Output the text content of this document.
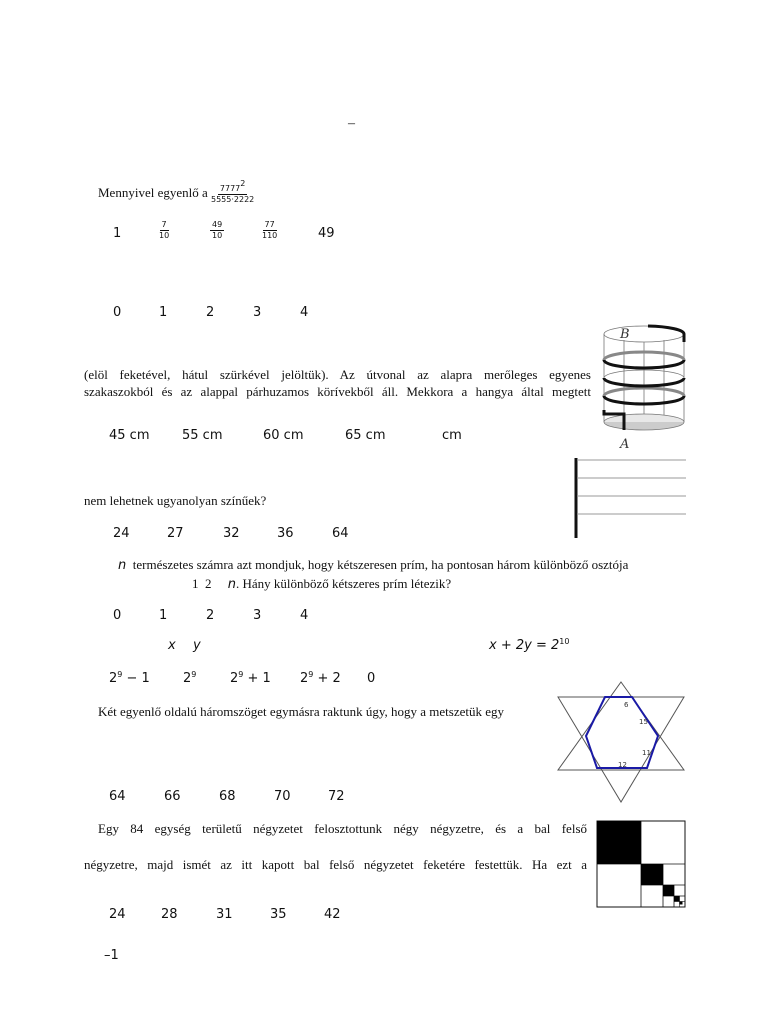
–
Mennyivel egyenlő a $\frac{7777^2}{5555\cdot 2222}$
1	$\frac{7}{10}$	$\frac{49}{10}$	$\frac{77}{110}$	49
0	1	2	3	4
(elöl feketével, hátul szürkével jelöltük). Az útvonal az alapra merőleges egyenes
szakaszokból és az alappal párhuzamos körívekből áll. Mekkora a hangya által megtett
B
A
45 cm	55 cm	60 cm	65 cm	cm
nem lehetnek ugyanolyan színűek?
24	27	32	36	64
n természetes számra azt mondjuk, hogy kétszeresen prím, ha pontosan három különböző osztója
1 2 n. Hány különböző kétszeres prím létezik?
0	1	2	3	4
x y	$x + 2y = 2^{10}$
$2^9 - 1$	$2^9$	$2^9 + 1$ $2^9 + 2$ 0
Két egyenlő oldalú háromszöget egymásra raktunk úgy, hogy a metszetük egy	6
15
11
12
64	66	68	70	72
Egy 84 egység területű négyzetet felosztottunk négy négyzetre, és a bal felső
négyzetre, majd ismét az itt kapott bal felső négyzetet feketére festettük. Ha ezt a
24	28	31	35	42
–1
